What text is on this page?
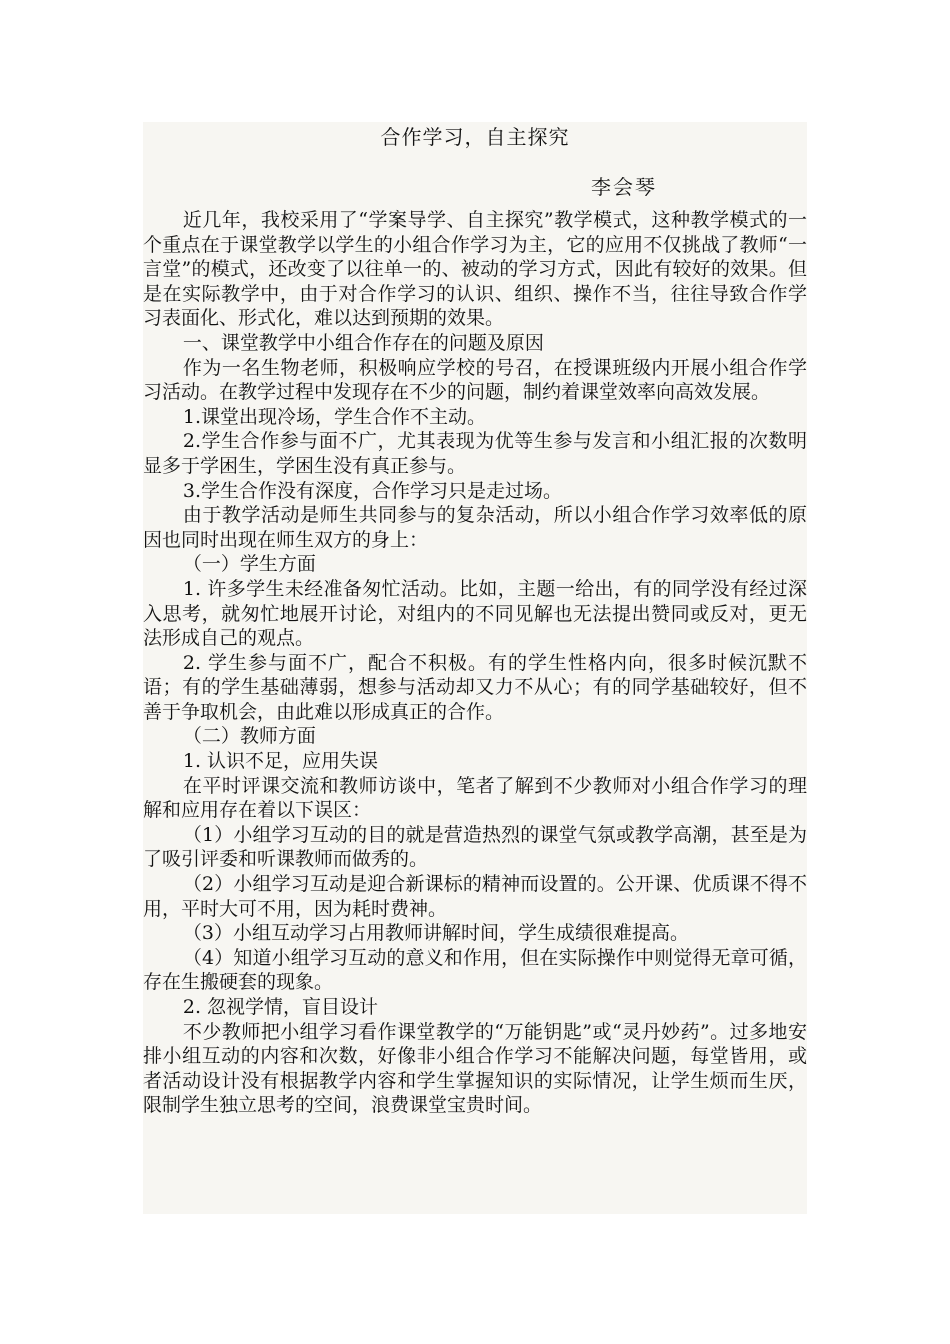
合作学习，自主探究
李会琴

近几年，我校采用了“学案导学、自主探究”教学模式，这种教学模式的一个重点在于课堂教学以学生的小组合作学习为主，它的应用不仅挑战了教师“一言堂”的模式，还改变了以往单一的、被动的学习方式，因此有较好的效果。但是在实际教学中，由于对合作学习的认识、组织、操作不当，往往导致合作学习表面化、形式化，难以达到预期的效果。

一、课堂教学中小组合作存在的问题及原因

作为一名生物老师，积极响应学校的号召，在授课班级内开展小组合作学习活动。在教学过程中发现存在不少的问题，制约着课堂效率向高效发展。

1.课堂出现冷场，学生合作不主动。

2.学生合作参与面不广，尤其表现为优等生参与发言和小组汇报的次数明显多于学困生，学困生没有真正参与。

3.学生合作没有深度，合作学习只是走过场。

由于教学活动是师生共同参与的复杂活动，所以小组合作学习效率低的原因也同时出现在师生双方的身上：

（一）学生方面

1. 许多学生未经准备匆忙活动。比如，主题一给出，有的同学没有经过深入思考，就匆忙地展开讨论，对组内的不同见解也无法提出赞同或反对，更无法形成自己的观点。

2. 学生参与面不广，配合不积极。有的学生性格内向，很多时候沉默不语；有的学生基础薄弱，想参与活动却又力不从心；有的同学基础较好，但不善于争取机会，由此难以形成真正的合作。

（二）教师方面

1. 认识不足，应用失误

在平时评课交流和教师访谈中，笔者了解到不少教师对小组合作学习的理解和应用存在着以下误区：

（1）小组学习互动的目的就是营造热烈的课堂气氛或教学高潮，甚至是为了吸引评委和听课教师而做秀的。

（2）小组学习互动是迎合新课标的精神而设置的。公开课、优质课不得不用，平时大可不用，因为耗时费神。

（3）小组互动学习占用教师讲解时间，学生成绩很难提高。

（4）知道小组学习互动的意义和作用，但在实际操作中则觉得无章可循，存在生搬硬套的现象。

2. 忽视学情，盲目设计

不少教师把小组学习看作课堂教学的“万能钥匙”或“灵丹妙药”。过多地安排小组互动的内容和次数，好像非小组合作学习不能解决问题，每堂皆用，或者活动设计没有根据教学内容和学生掌握知识的实际情况，让学生烦而生厌，限制学生独立思考的空间，浪费课堂宝贵时间。
